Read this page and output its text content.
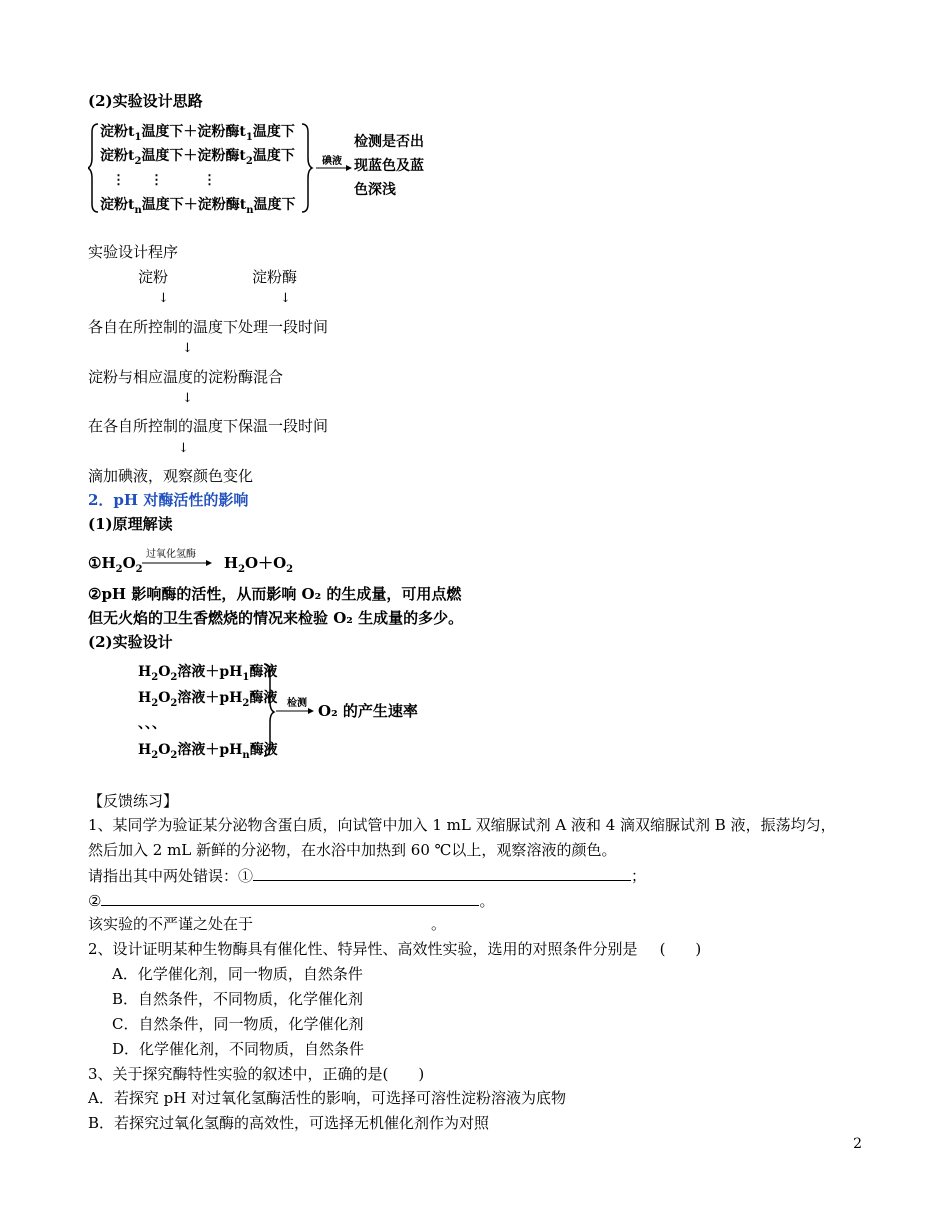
(2)实验设计思路
淀粉$t_1$温度下＋淀粉酶$t_1$温度下
淀粉$t_2$温度下＋淀粉酶$t_2$温度下
⋮ ⋮	⋮
淀粉$t_n$温度下＋淀粉酶$t_n$温度下
碘液
检测是否出
现蓝色及蓝
色深浅
实验设计程序
淀粉	淀粉酶
↓	↓
各自在所控制的温度下处理一段时间
↓
淀粉与相应温度的淀粉酶混合
↓
在各自所控制的温度下保温一段时间
↓
滴加碘液，观察颜色变化
2．pH 对酶活性的影响
(1)原理解读
$①H_2O_2$	$H_2O+O_2$
过氧化氢酶
②pH 影响酶的活性，从而影响 O₂ 的生成量，可用点燃
但无火焰的卫生香燃烧的情况来检验 O₂ 生成量的多少。
(2)实验设计
$H_2O_2$溶液$+pH_1$酶液
$H_2O_2$溶液$+pH_2$酶液
、、、
$H_2O_2$溶液$+pH_n$酶液
检测 O₂ 的产生速率
【反馈练习】
1、某同学为验证某分泌物含蛋白质，向试管中加入 1 mL 双缩脲试剂 A 液和 4 滴双缩脲试剂 B 液，振荡均匀，
然后加入 2 mL 新鲜的分泌物，在水浴中加热到 60 ℃以上，观察溶液的颜色。
请指出其中两处错误：①	；
②	。
该实验的不严谨之处在于	。
2、设计证明某种生物酶具有催化性、特异性、高效性实验，选用的对照条件分别是 (　　)
A．化学催化剂，同一物质，自然条件
B．自然条件，不同物质，化学催化剂
C．自然条件，同一物质，化学催化剂
D．化学催化剂，不同物质，自然条件
3、关于探究酶特性实验的叙述中，正确的是(　　)
A．若探究 pH 对过氧化氢酶活性的影响，可选择可溶性淀粉溶液为底物
B．若探究过氧化氢酶的高效性，可选择无机催化剂作为对照
2
